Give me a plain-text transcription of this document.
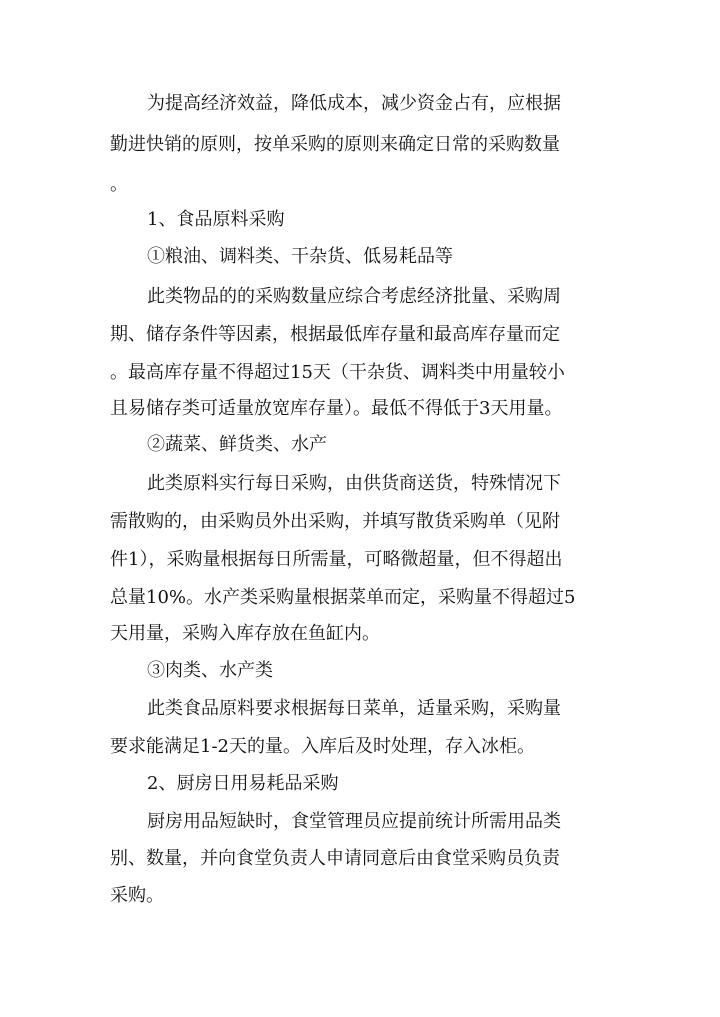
为提高经济效益，降低成本，减少资金占有，应根据
勤进快销的原则，按单采购的原则来确定日常的采购数量
。
1、食品原料采购
①粮油、调料类、干杂货、低易耗品等
此类物品的的采购数量应综合考虑经济批量、采购周
期、储存条件等因素，根据最低库存量和最高库存量而定
。最高库存量不得超过15天（干杂货、调料类中用量较小
且易储存类可适量放宽库存量）。最低不得低于3天用量。
②蔬菜、鲜货类、水产
此类原料实行每日采购，由供货商送货，特殊情况下
需散购的，由采购员外出采购，并填写散货采购单（见附
件1），采购量根据每日所需量，可略微超量，但不得超出
总量10%。水产类采购量根据菜单而定，采购量不得超过5
天用量，采购入库存放在鱼缸内。
③肉类、水产类
此类食品原料要求根据每日菜单，适量采购，采购量
要求能满足1-2天的量。入库后及时处理，存入冰柜。
2、厨房日用易耗品采购
厨房用品短缺时，食堂管理员应提前统计所需用品类
别、数量，并向食堂负责人申请同意后由食堂采购员负责
采购。
